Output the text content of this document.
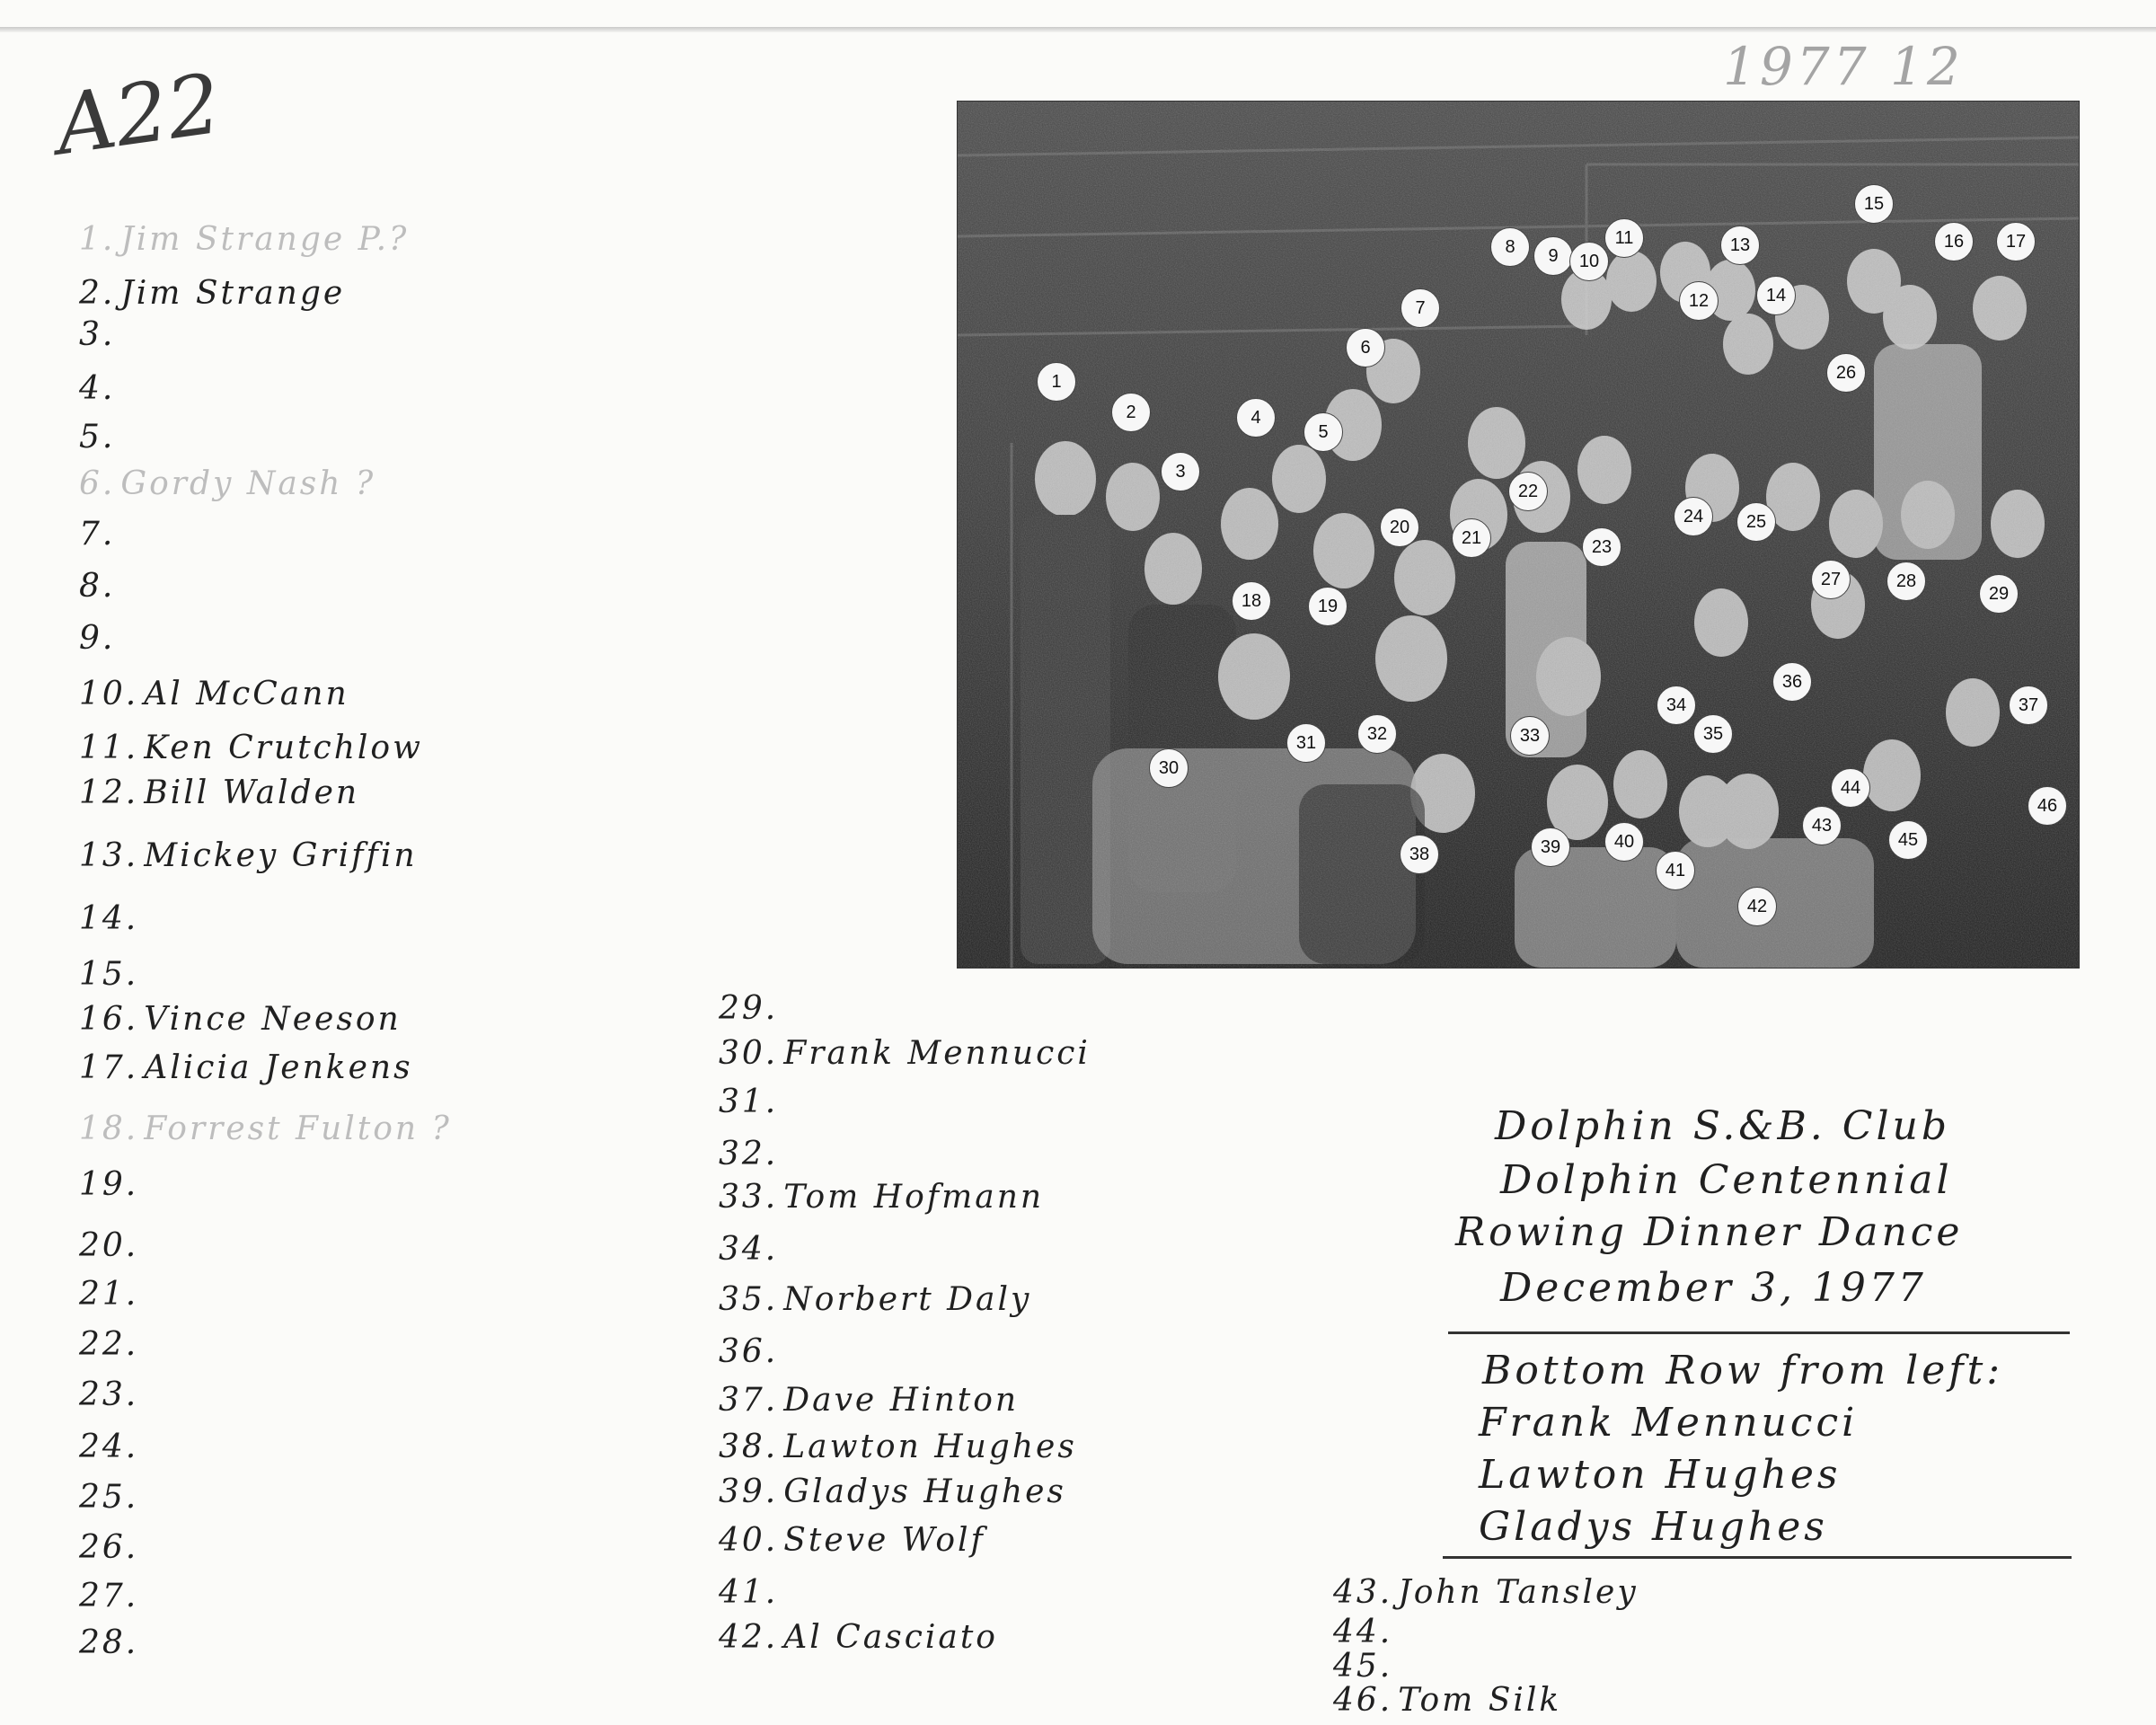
A22	1977 12
1. Jim Strange P.?
2. Jim Strange
3.
4.
5.
6. Gordy Nash ?
7.
8.
9.
10. Al McCann
11. Ken Crutchlow
12. Bill Walden
13. Mickey Griffin
14.
15.
16. Vince Neeson
17. Alicia Jenkens
18. Forrest Fulton ?
19.
20.
21.
22.
23.
24.
25.
26.
27.
28.
29.
30. Frank Mennucci
31.
32.
33. Tom Hofmann
34.
35. Norbert Daly
36.
37. Dave Hinton
38. Lawton Hughes
39. Gladys Hughes
40. Steve Wolf
41.
42. Al Casciato
43. John Tansley
44.
45.
46. Tom Silk
1
2
3
4
5
6
7
8	9	10
11
12
13
14
15
16	17
18	19
20
21
22
23
24	25
26
27	28
29
30
31	32	33
34
35
36
37
38	39	40
41
42
43
44
45
46
Dolphin S.&B. Club
Dolphin Centennial
Rowing Dinner Dance
December 3, 1977
Bottom Row from left:
Frank Mennucci
Lawton Hughes
Gladys Hughes
